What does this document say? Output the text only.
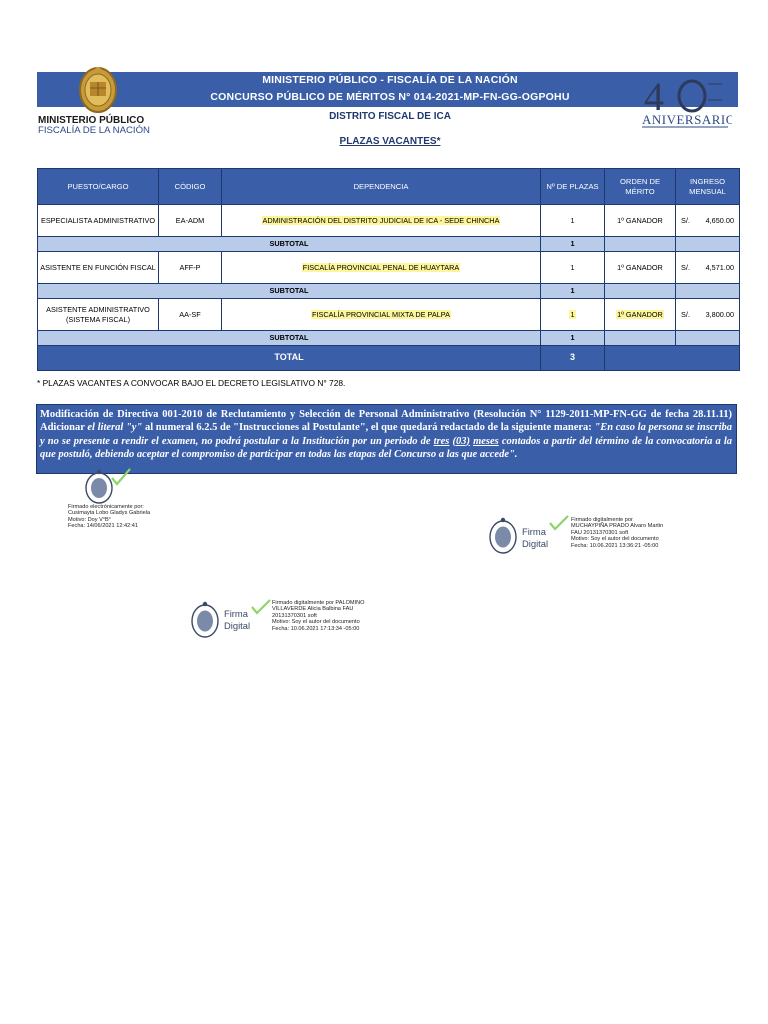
MINISTERIO PÚBLICO - FISCALÍA DE LA NACIÓN
CONCURSO PÚBLICO DE MÉRITOS N° 014-2021-MP-FN-GG-OGPOHU
MINISTERIO PÚBLICO
FISCALÍA DE LA NACIÓN
4
ANIVERSARIO
DISTRITO FISCAL DE ICA
PLAZAS VACANTES*
PUESTO/CARGO	CÓDIGO	DEPENDENCIA	Nº DE PLAZAS	ORDEN DE MÉRITO	INGRESO MENSUAL
ESPECIALISTA ADMINISTRATIVO	EA-ADM	ADMINISTRACIÓN DEL DISTRITO JUDICIAL DE ICA - SEDE CHINCHA	1	1º GANADOR	S/. 4,650.00

SUBTOTAL			1		
ASISTENTE EN FUNCIÓN FISCAL	AFF-P	FISCALÍA PROVINCIAL PENAL DE HUAYTARA	1	1º GANADOR	S/. 4,571.00

SUBTOTAL			1		
ASISTENTE ADMINISTRATIVO (SISTEMA FISCAL)	AA-SF	FISCALÍA PROVINCIAL MIXTA DE PALPA	1	1º GANADOR	S/. 3,800.00

SUBTOTAL			1		
TOTAL			3		
* PLAZAS VACANTES A CONVOCAR BAJO EL DECRETO LEGISLATIVO N° 728.
Modificación de Directiva 001-2010 de Reclutamiento y Selección de Personal Administrativo (Resolución N° 1129-2011-MP-FN-GG de fecha 28.11.11) Adicionar el literal "y" al numeral 6.2.5 de "Instrucciones al Postulante", el que quedará redactado de la siguiente manera: "En caso la persona se inscriba y no se presente a rendir el examen, no podrá postular a la Institución por un periodo de tres (03) meses contados a partir del término de la convocatoria a la que postuló, debiendo aceptar el compromiso de participar en todas las etapas del Concurso a las que accede".
Firmado electrónicamente por:
Cusimayta Lobo Gladys Gabriela
Motivo: Doy V°B°
Fecha: 14/06/2021 12:42:41	Firma
Digital
Firmado digitalmente por
MUCHAYPIÑA PRADO Alvaro Martin
FAU 20131370301 soft
Motivo: Soy el autor del documento
Fecha: 10.06.2021 13:36:21 -05:00
Firma
Digital
Firmado digitalmente por PALOMINO
VILLAVERDE Alicia Balbina FAU
20131370301 soft
Motivo: Soy el autor del documento
Fecha: 10.06.2021 17:13:34 -05:00
